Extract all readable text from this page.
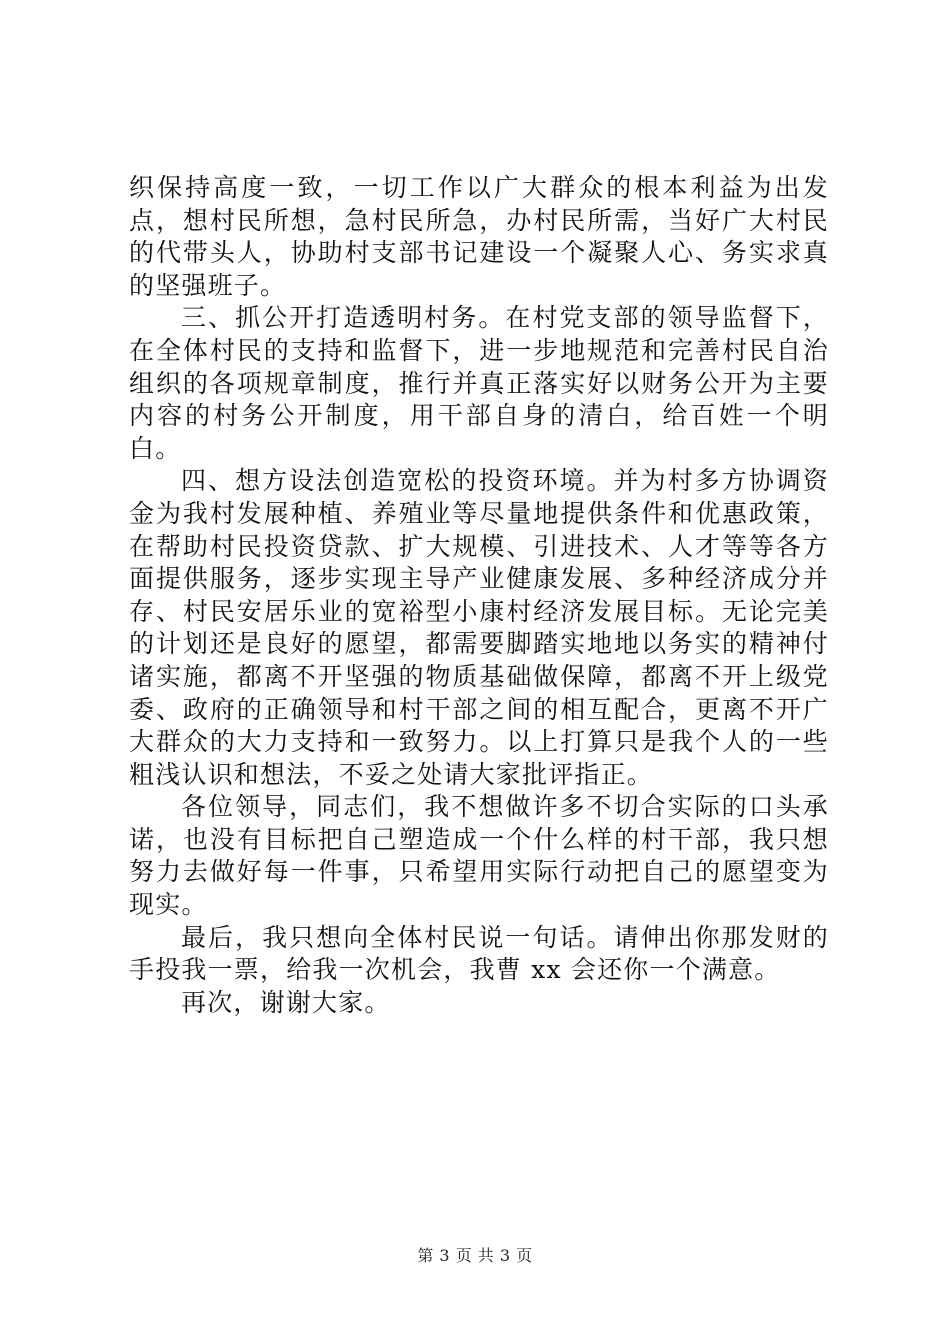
织保持高度一致，一切工作以广大群众的根本利益为出发点，想村民所想，急村民所急，办村民所需，当好广大村民的代带头人，协助村支部书记建设一个凝聚人心、务实求真的坚强班子。

三、抓公开打造透明村务。在村党支部的领导监督下，在全体村民的支持和监督下，进一步地规范和完善村民自治组织的各项规章制度，推行并真正落实好以财务公开为主要内容的村务公开制度，用干部自身的清白，给百姓一个明白。

四、想方设法创造宽松的投资环境。并为村多方协调资金为我村发展种植、养殖业等尽量地提供条件和优惠政策，在帮助村民投资贷款、扩大规模、引进技术、人才等等各方面提供服务，逐步实现主导产业健康发展、多种经济成分并存、村民安居乐业的宽裕型小康村经济发展目标。无论完美的计划还是良好的愿望，都需要脚踏实地地以务实的精神付诸实施，都离不开坚强的物质基础做保障，都离不开上级党委、政府的正确领导和村干部之间的相互配合，更离不开广大群众的大力支持和一致努力。以上打算只是我个人的一些粗浅认识和想法，不妥之处请大家批评指正。

各位领导，同志们，我不想做许多不切合实际的口头承诺，也没有目标把自己塑造成一个什么样的村干部，我只想努力去做好每一件事，只希望用实际行动把自己的愿望变为现实。

最后，我只想向全体村民说一句话。请伸出你那发财的手投我一票，给我一次机会，我曹 xx 会还你一个满意。

再次，谢谢大家。

第 3 页 共 3 页
